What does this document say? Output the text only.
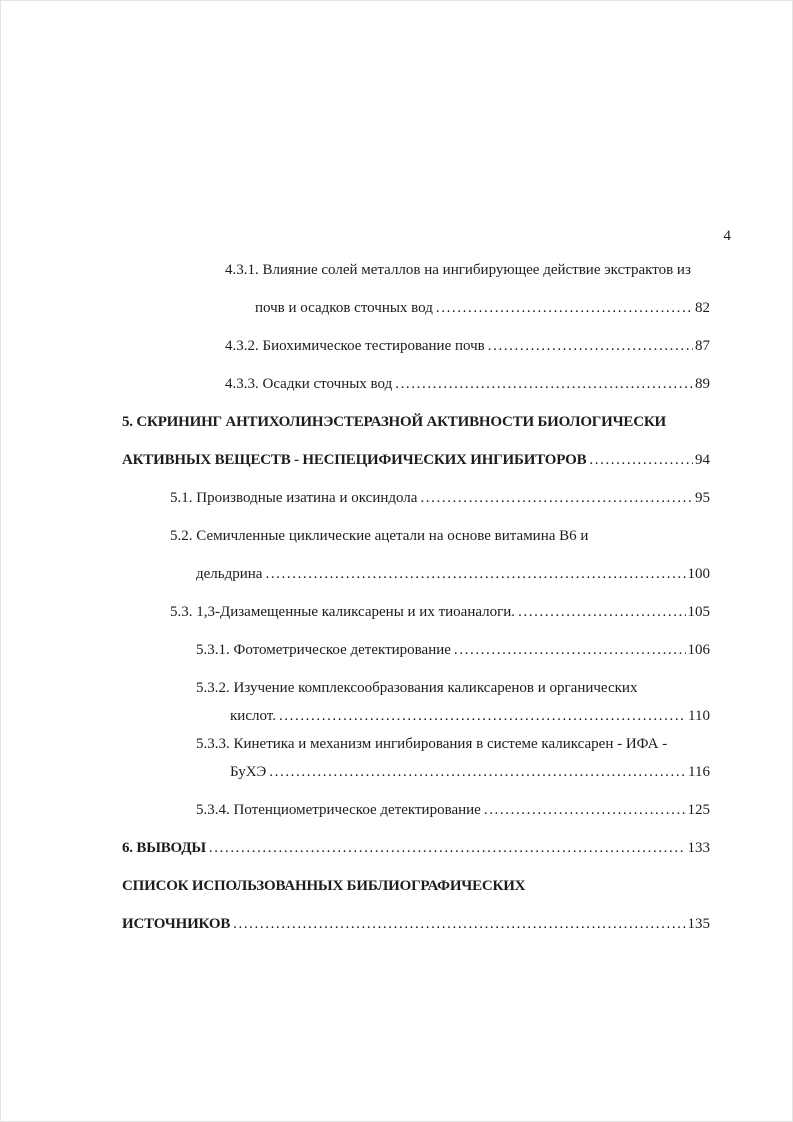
4
4.3.1. Влияние солей металлов на ингибирующее действие экстрактов из
почв и осадков сточных вод .....	82
4.3.2. Биохимическое тестирование почв .....	87
4.3.3. Осадки сточных вод .....	89
5. СКРИНИНГ АНТИХОЛИНЭСТЕРАЗНОЙ АКТИВНОСТИ БИОЛОГИЧЕСКИ
АКТИВНЫХ ВЕЩЕСТВ - НЕСПЕЦИФИЧЕСКИХ ИНГИБИТОРОВ .....	94
5.1. Производные изатина и оксиндола .....	95
5.2. Семичленные циклические ацетали на основе витамина В6 и
дельдрина .....	100
5.3. 1,3-Дизамещенные каликсарены и их тиоаналоги. .....	105
5.3.1. Фотометрическое детектирование .....	106
5.3.2. Изучение комплексообразования каликсаренов и органических
кислот. .....	110
5.3.3. Кинетика и механизм ингибирования в системе каликсарен - ИФА -
БуХЭ .....	116
5.3.4. Потенциометрическое детектирование .....	125
6. ВЫВОДЫ .....	133
СПИСОК ИСПОЛЬЗОВАННЫХ БИБЛИОГРАФИЧЕСКИХ
ИСТОЧНИКОВ .....	135
